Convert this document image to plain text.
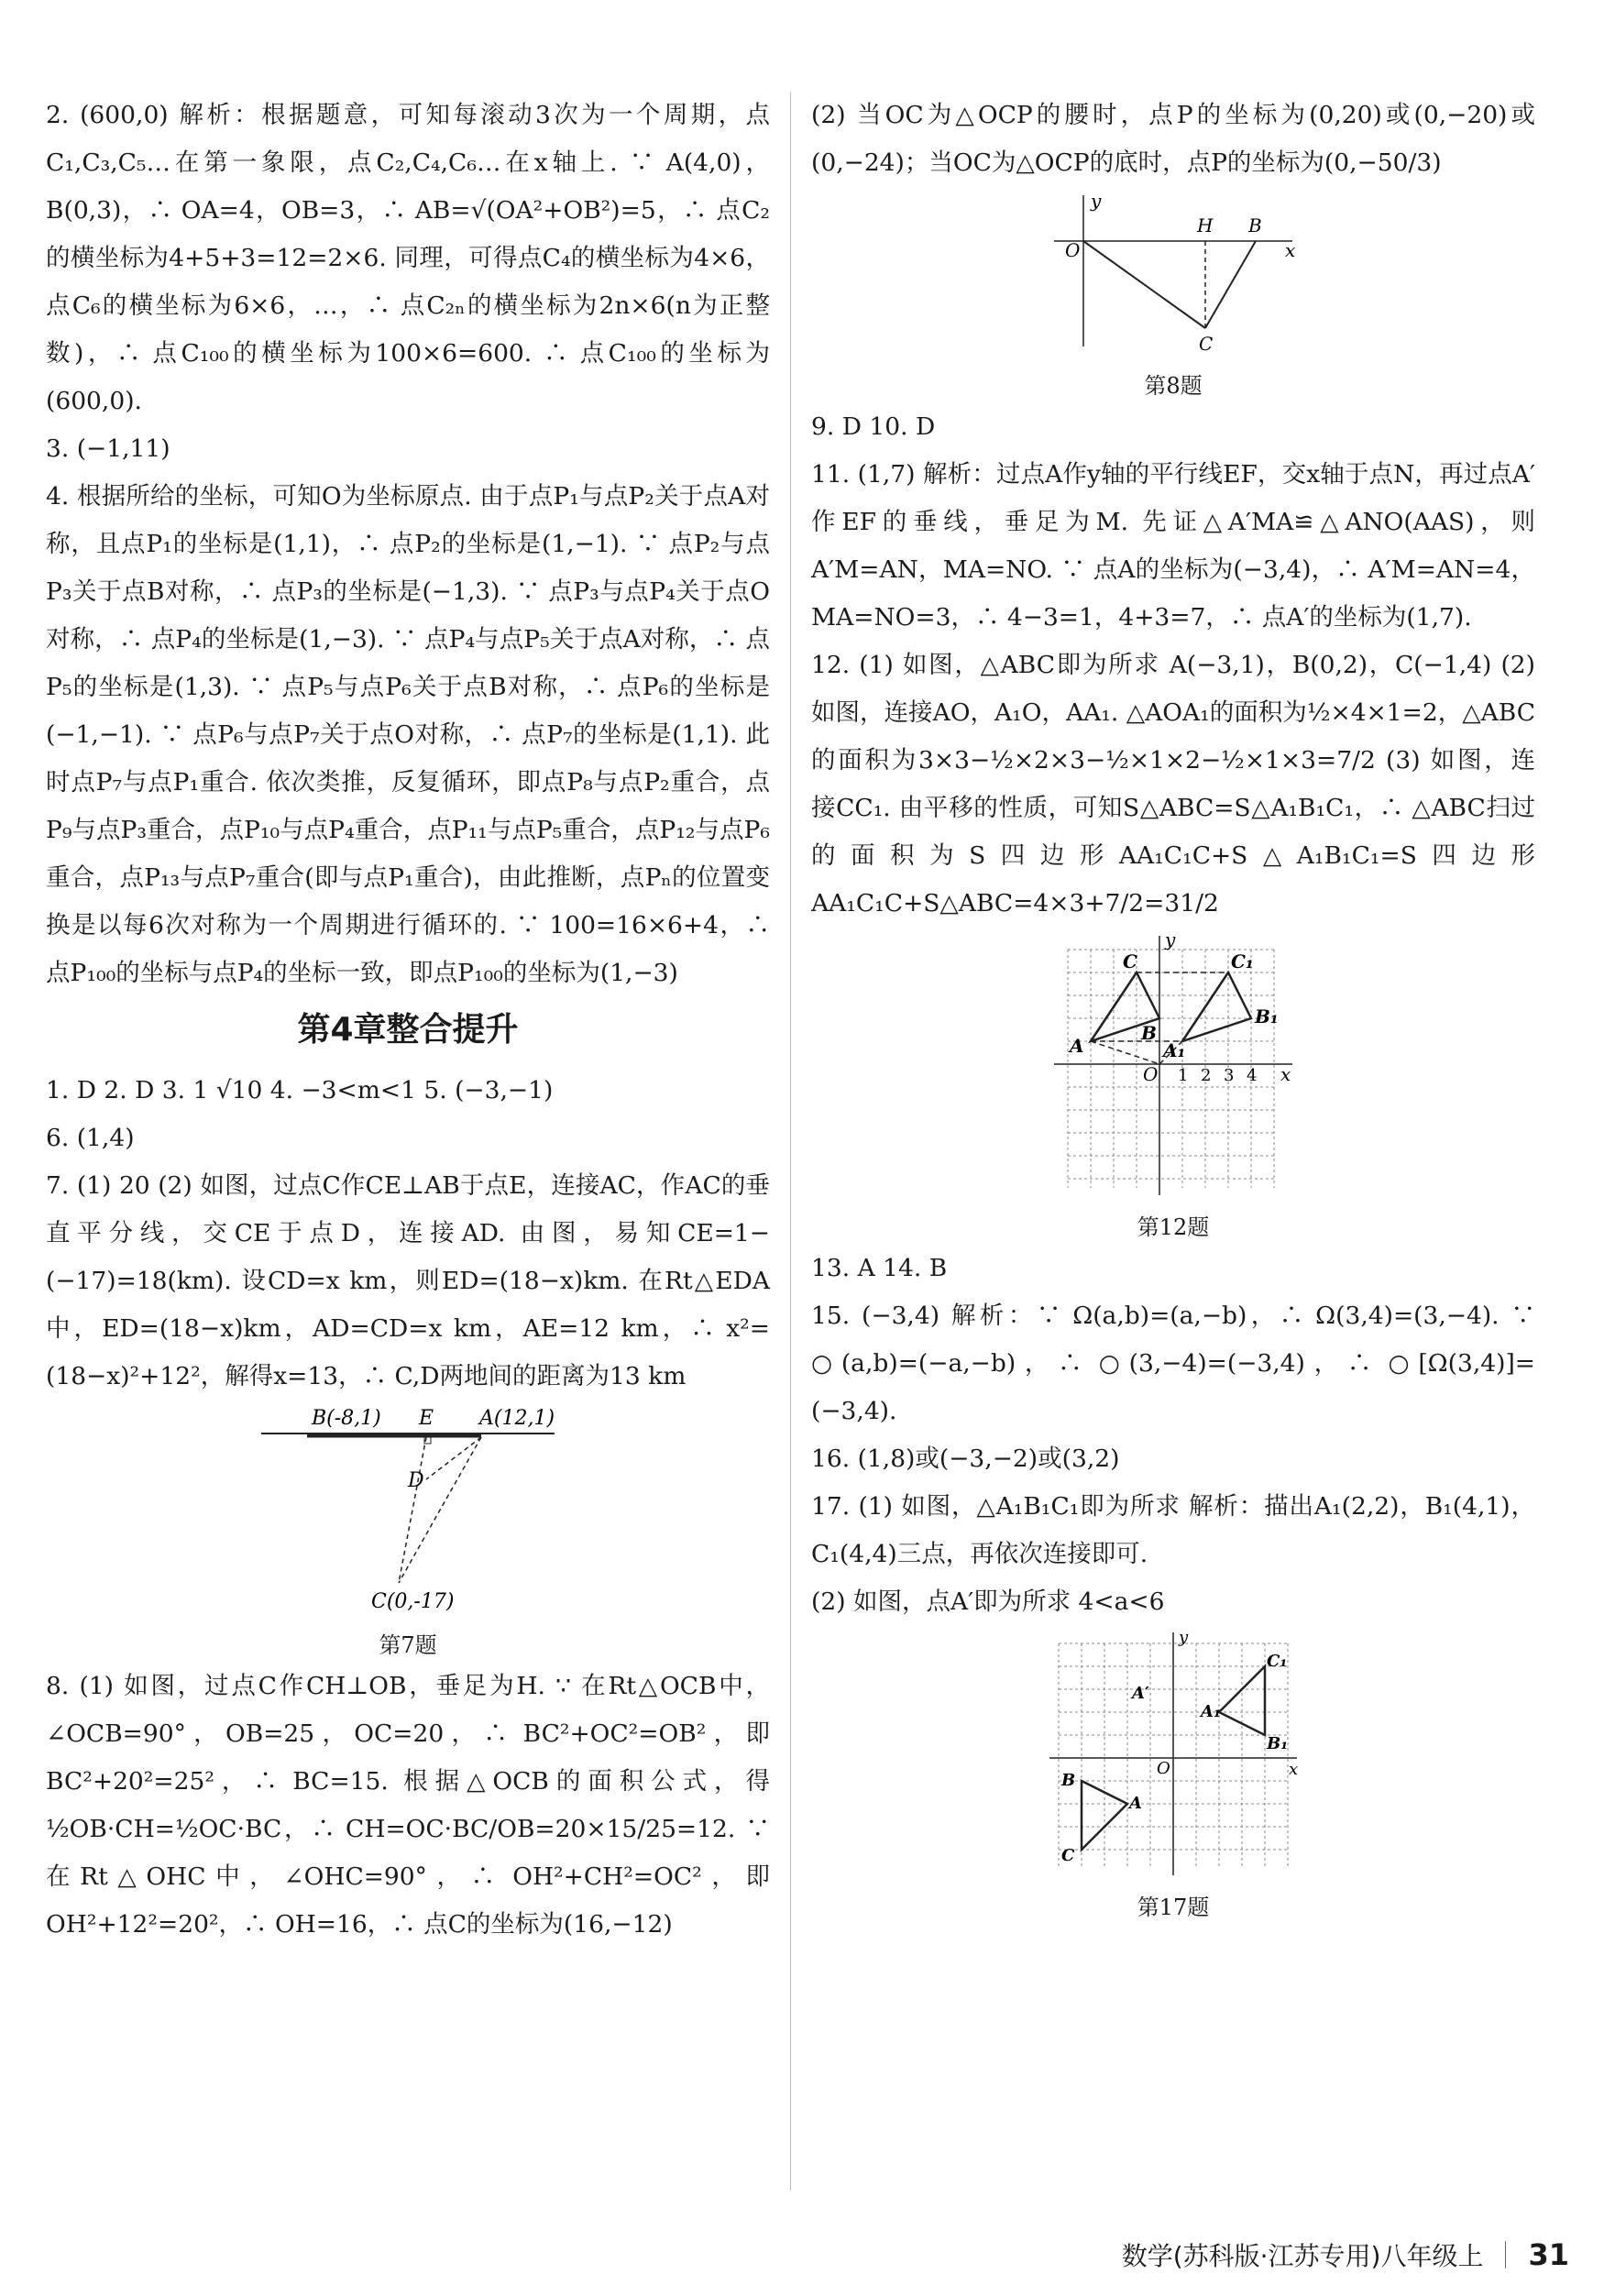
2. (600,0) 解析：根据题意，可知每滚动3次为一个周期，点C₁,C₃,C₅…在第一象限，点C₂,C₄,C₆…在x轴上. ∵ A(4,0)，B(0,3)，∴ OA=4，OB=3，∴ AB=√(OA²+OB²)=5，∴ 点C₂的横坐标为4+5+3=12=2×6. 同理，可得点C₄的横坐标为4×6，点C₆的横坐标为6×6，…，∴ 点C₂ₙ的横坐标为2n×6(n为正整数)，∴ 点C₁₀₀的横坐标为100×6=600. ∴ 点C₁₀₀的坐标为(600,0).

3. (−1,11)

4. 根据所给的坐标，可知O为坐标原点. 由于点P₁与点P₂关于点A对称，且点P₁的坐标是(1,1)，∴ 点P₂的坐标是(1,−1). ∵ 点P₂与点P₃关于点B对称，∴ 点P₃的坐标是(−1,3). ∵ 点P₃与点P₄关于点O对称，∴ 点P₄的坐标是(1,−3). ∵ 点P₄与点P₅关于点A对称，∴ 点P₅的坐标是(1,3). ∵ 点P₅与点P₆关于点B对称，∴ 点P₆的坐标是(−1,−1). ∵ 点P₆与点P₇关于点O对称，∴ 点P₇的坐标是(1,1). 此时点P₇与点P₁重合. 依次类推，反复循环，即点P₈与点P₂重合，点P₉与点P₃重合，点P₁₀与点P₄重合，点P₁₁与点P₅重合，点P₁₂与点P₆重合，点P₁₃与点P₇重合(即与点P₁重合)，由此推断，点Pₙ的位置变换是以每6次对称为一个周期进行循环的. ∵ 100=16×6+4，∴ 点P₁₀₀的坐标与点P₄的坐标一致，即点P₁₀₀的坐标为(1,−3)

第4章整合提升

1. D 2. D 3. 1 √10 4. −3<m<1 5. (−3,−1)

6. (1,4)

7. (1) 20 (2) 如图，过点C作CE⊥AB于点E，连接AC，作AC的垂直平分线，交CE于点D，连接AD. 由图，易知CE=1−(−17)=18(km). 设CD=x km，则ED=(18−x)km. 在Rt△EDA中，ED=(18−x)km，AD=CD=x km，AE=12 km，∴ x²=(18−x)²+12²，解得x=13，∴ C,D两地间的距离为13 km

B(-8,1) E A(12,1)
D
C(0,-17)
第7题

8. (1) 如图，过点C作CH⊥OB，垂足为H. ∵ 在Rt△OCB中，∠OCB=90°，OB=25，OC=20，∴ BC²+OC²=OB²，即BC²+20²=25²，∴ BC=15. 根据△OCB的面积公式，得 ½OB·CH=½OC·BC，∴ CH=OC·BC/OB=20×15/25=12. ∵ 在Rt△OHC中，∠OHC=90°，∴ OH²+CH²=OC²，即OH²+12²=20²，∴ OH=16，∴ 点C的坐标为(16,−12)

(2) 当OC为△OCP的腰时，点P的坐标为(0,20)或(0,−20)或(0,−24)；当OC为△OCP的底时，点P的坐标为(0,−50/3)

y
O
H B
x
C
第8题

9. D 10. D

11. (1,7) 解析：过点A作y轴的平行线EF，交x轴于点N，再过点A′作EF的垂线，垂足为M. 先证△A′MA≌△ANO(AAS)，则A′M=AN，MA=NO. ∵ 点A的坐标为(−3,4)，∴ A′M=AN=4，MA=NO=3，∴ 4−3=1，4+3=7，∴ 点A′的坐标为(1,7).

12. (1) 如图，△ABC即为所求 A(−3,1)，B(0,2)，C(−1,4) (2) 如图，连接AO，A₁O，AA₁. △AOA₁的面积为½×4×1=2，△ABC的面积为3×3−½×2×3−½×1×2−½×1×3=7/2 (3) 如图，连接CC₁. 由平移的性质，可知S△ABC=S△A₁B₁C₁，∴ △ABC扫过的面积为S四边形AA₁C₁C+S△A₁B₁C₁=S四边形AA₁C₁C+S△ABC=4×3+7/2=31/2

C	C₁
B
B₁
A	A₁
O
y
x
1 2 3 4
第12题

13. A 14. B

15. (−3,4) 解析：∵ Ω(a,b)=(a,−b)，∴ Ω(3,4)=(3,−4). ∵ ○(a,b)=(−a,−b)，∴ ○(3,−4)=(−3,4)，∴ ○[Ω(3,4)]=(−3,4).

16. (1,8)或(−3,−2)或(3,2)

17. (1) 如图，△A₁B₁C₁即为所求 解析：描出A₁(2,2)，B₁(4,1)，C₁(4,4)三点，再依次连接即可.

(2) 如图，点A′即为所求 4<a<6

A₁
B₁
C₁
A
B
C
A′
O
y
x
第17题
数学(苏科版·江苏专用)八年级上 31
